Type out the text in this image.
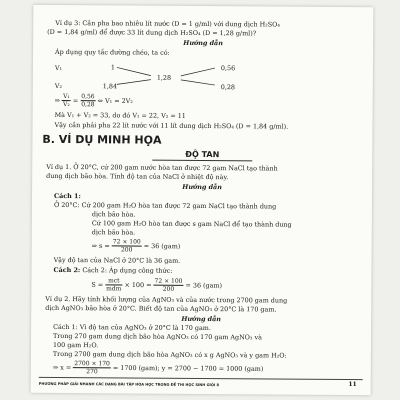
Ví dụ 3: Cần pha bao nhiêu lít nước (D = 1 g/ml) với dung dịch H₂SO₄
(D = 1,84 g/ml) để được 33 lít dung dịch H₂SO₄ (D = 1,28 g/ml)?
Hướng dẫn
Áp dụng quy tắc đường chéo, ta có:
V₁	1
1,28
0,56
V₂	1,84	0,28
⇒ $\frac{\text{V₁}}{\text{V₂}} = \frac{0,56}{0,28}$ ⇔ V₁ = 2V₂
Mà V₁ + V₂ = 33, do đó V₁ = 22, V₂ = 11
Vậy cần phải pha 22 lít nước với 11 lít dung dịch H₂SO₄ (D = 1,84 g/ml).
B. VÍ DỤ MINH HỌA
ĐỘ TAN
Ví dụ 1. Ở 20°C, cứ 200 gam nước hòa tan được 72 gam NaCl tạo thành
dung dịch bão hòa. Tính độ tan của NaCl ở nhiệt độ này.
Hướng dẫn
Cách 1:
Ở 20°C: Cứ 200 gam H₂O hòa tan được 72 gam NaCl tạo thành dung
dịch bão hòa.
Cứ 100 gam H₂O hòa tan được s gam NaCl để tạo thành dung
dịch bão hòa.
⇒ $s = \frac{72 \times 100}{200} = 36$ (gam)
Vậy độ tan của NaCl ở 20°C là 36 gam.
Cách 2: Cách 2: Áp dụng công thức:
$S = \frac{\text{mct}}{\text{mdm}} \times 100 = \frac{72 \times 100}{200} = 36$ (gam)
Ví dụ 2. Hãy tính khối lượng của AgNO₃ và của nước trong 2700 gam dung
dịch AgNO₃ bão hòa ở 20°C. Biết độ tan của AgNO₃ ở 20°C là 170 gam.
Hướng dẫn
Cách 1: Vì độ tan của AgNO₃ ở 20°C là 170 gam.
Trong 270 gam dung dịch bão hòa AgNO₃ có 170 gam AgNO₃ và
100 gam H₂O.
Trong 2700 gam dung dịch bão hòa AgNO₃ có x g AgNO₃ và y gam H₂O:
⇒ $x = \frac{2700 \times 170}{270} = 1700$ (gam); y = 2700 − 1700 = 1000 (gam)
PHƯƠNG PHÁP GIẢI NHANH CÁC DẠNG BÀI TẬP HÓA HỌC TRONG ĐỀ THI HỌC SINH GIỎI 8	11
